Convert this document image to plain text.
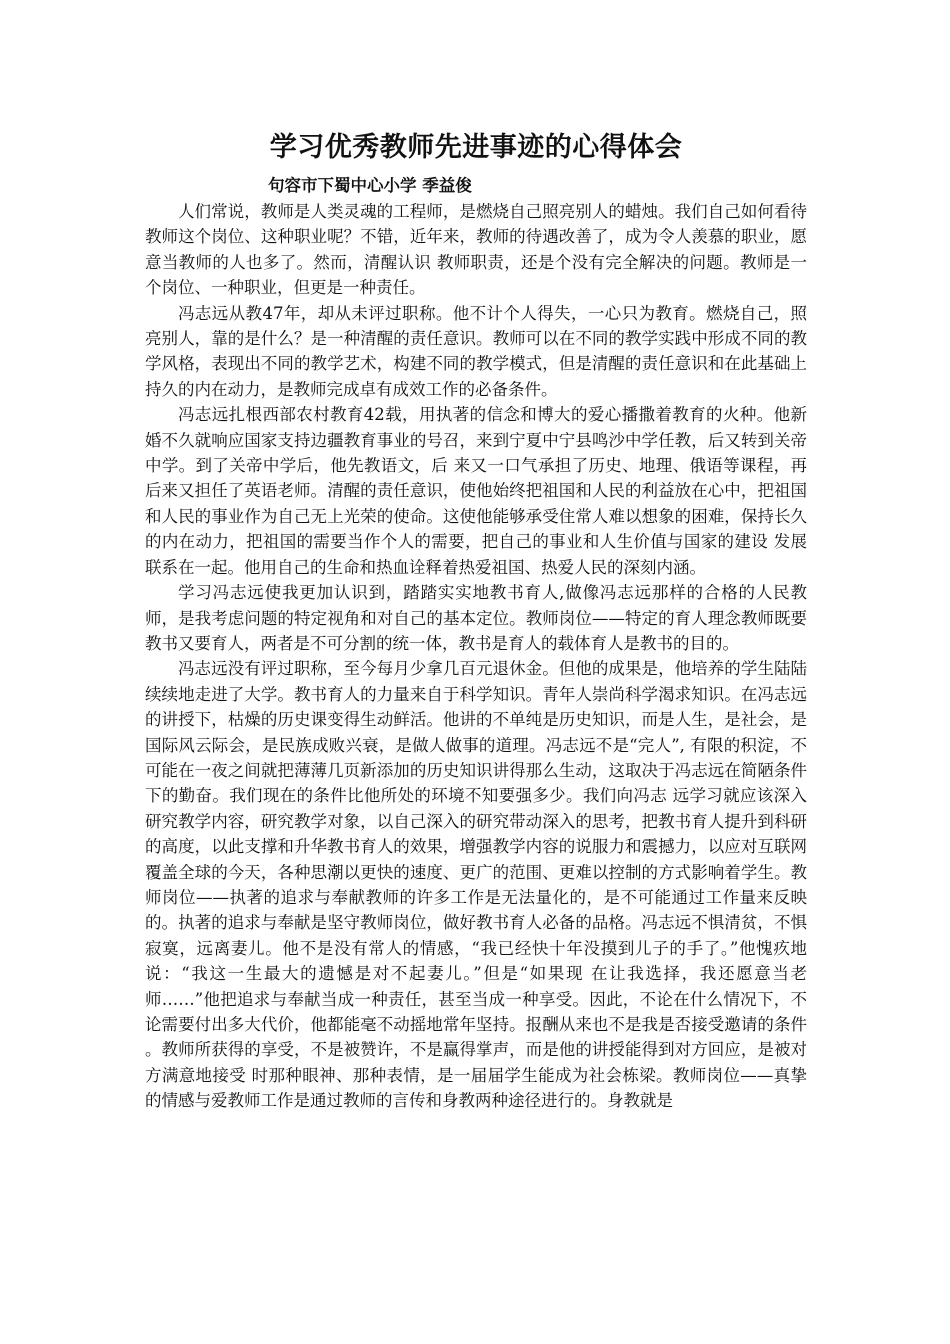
学习优秀教师先进事迹的心得体会

句容市下蜀中心小学 季益俊

人们常说，教师是人类灵魂的工程师，是燃烧自己照亮别人的蜡烛。我们自己如何看待教师这个岗位、这种职业呢？不错，近年来，教师的待遇改善了，成为令人羡慕的职业，愿意当教师的人也多了。然而，清醒认识 教师职责，还是个没有完全解决的问题。教师是一个岗位、一种职业，但更是一种责任。

冯志远从教47年，却从未评过职称。他不计个人得失，一心只为教育。燃烧自己，照亮别人，靠的是什么？是一种清醒的责任意识。教师可以在不同的教学实践中形成不同的教学风格，表现出不同的教学艺术，构建不同的教学模式，但是清醒的责任意识和在此基础上持久的内在动力，是教师完成卓有成效工作的必备条件。

冯志远扎根西部农村教育42载，用执著的信念和博大的爱心播撒着教育的火种。他新婚不久就响应国家支持边疆教育事业的号召，来到宁夏中宁县鸣沙中学任教，后又转到关帝中学。到了关帝中学后，他先教语文，后 来又一口气承担了历史、地理、俄语等课程，再后来又担任了英语老师。清醒的责任意识，使他始终把祖国和人民的利益放在心中，把祖国和人民的事业作为自己无上光荣的使命。这使他能够承受住常人难以想象的困难，保持长久的内在动力，把祖国的需要当作个人的需要，把自己的事业和人生价值与国家的建设 发展联系在一起。他用自己的生命和热血诠释着热爱祖国、热爱人民的深刻内涵。

学习冯志远使我更加认识到，踏踏实实地教书育人,做像冯志远那样的合格的人民教师，是我考虑问题的特定视角和对自己的基本定位。教师岗位——特定的育人理念教师既要教书又要育人，两者是不可分割的统一体，教书是育人的载体育人是教书的目的。

冯志远没有评过职称，至今每月少拿几百元退休金。但他的成果是，他培养的学生陆陆续续地走进了大学。教书育人的力量来自于科学知识。青年人崇尚科学渴求知识。在冯志远的讲授下，枯燥的历史课变得生动鲜活。他讲的不单纯是历史知识，而是人生，是社会，是国际风云际会，是民族成败兴衰，是做人做事的道理。冯志远不是“完人”, 有限的积淀，不可能在一夜之间就把薄薄几页新添加的历史知识讲得那么生动，这取决于冯志远在简陋条件下的勤奋。我们现在的条件比他所处的环境不知要强多少。我们向冯志 远学习就应该深入研究教学内容，研究教学对象，以自己深入的研究带动深入的思考，把教书育人提升到科研的高度，以此支撑和升华教书育人的效果，增强教学内容的说服力和震撼力，以应对互联网覆盖全球的今天，各种思潮以更快的速度、更广的范围、更难以控制的方式影响着学生。教师岗位——执著的追求与奉献教师的许多工作是无法量化的，是不可能通过工作量来反映的。执著的追求与奉献是坚守教师岗位，做好教书育人必备的品格。冯志远不惧清贫，不惧寂寞，远离妻儿。他不是没有常人的情感，“我已经快十年没摸到儿子的手了。”他愧疚地说：“我这一生最大的遗憾是对不起妻儿。”但是“如果现 在让我选择，我还愿意当老师……”他把追求与奉献当成一种责任，甚至当成一种享受。因此，不论在什么情况下，不论需要付出多大代价，他都能毫不动摇地常年坚持。报酬从来也不是我是否接受邀请的条件 。教师所获得的享受，不是被赞许，不是赢得掌声，而是他的讲授能得到对方回应，是被对方满意地接受 时那种眼神、那种表情，是一届届学生能成为社会栋梁。教师岗位——真挚的情感与爱教师工作是通过教师的言传和身教两种途径进行的。身教就是
